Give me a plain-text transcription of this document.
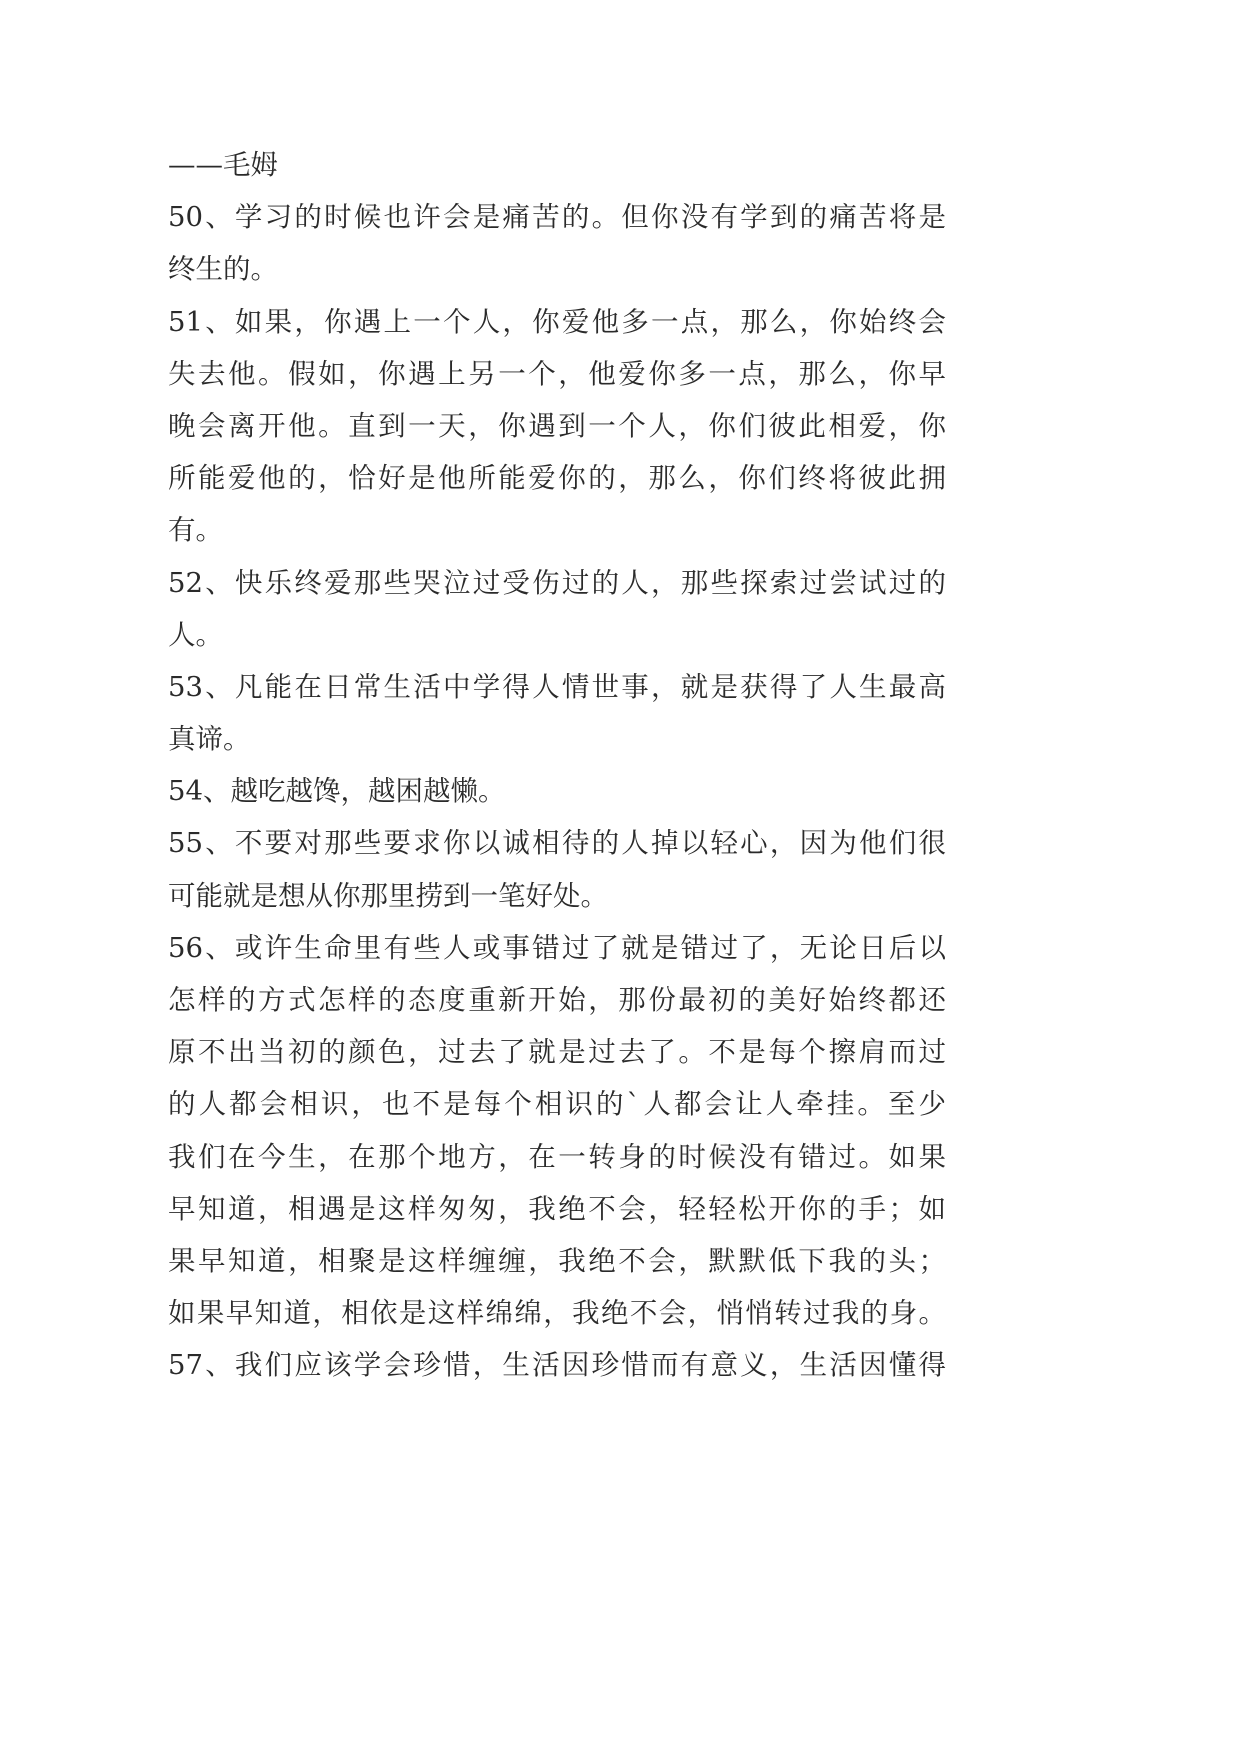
——毛姆
50、学习的时候也许会是痛苦的。但你没有学到的痛苦将是
终生的。
51、如果，你遇上一个人，你爱他多一点，那么，你始终会
失去他。假如，你遇上另一个，他爱你多一点，那么，你早
晚会离开他。直到一天，你遇到一个人，你们彼此相爱，你
所能爱他的，恰好是他所能爱你的，那么，你们终将彼此拥
有。
52、快乐终爱那些哭泣过受伤过的人，那些探索过尝试过的
人。
53、凡能在日常生活中学得人情世事，就是获得了人生最高
真谛。
54、越吃越馋，越困越懒。
55、不要对那些要求你以诚相待的人掉以轻心，因为他们很
可能就是想从你那里捞到一笔好处。
56、或许生命里有些人或事错过了就是错过了，无论日后以
怎样的方式怎样的态度重新开始，那份最初的美好始终都还
原不出当初的颜色，过去了就是过去了。不是每个擦肩而过
的人都会相识，也不是每个相识的`人都会让人牵挂。至少
我们在今生，在那个地方，在一转身的时候没有错过。如果
早知道，相遇是这样匆匆，我绝不会，轻轻松开你的手；如
果早知道，相聚是这样缠缠，我绝不会，默默低下我的头；
如果早知道，相依是这样绵绵，我绝不会，悄悄转过我的身。
57、我们应该学会珍惜，生活因珍惜而有意义，生活因懂得
